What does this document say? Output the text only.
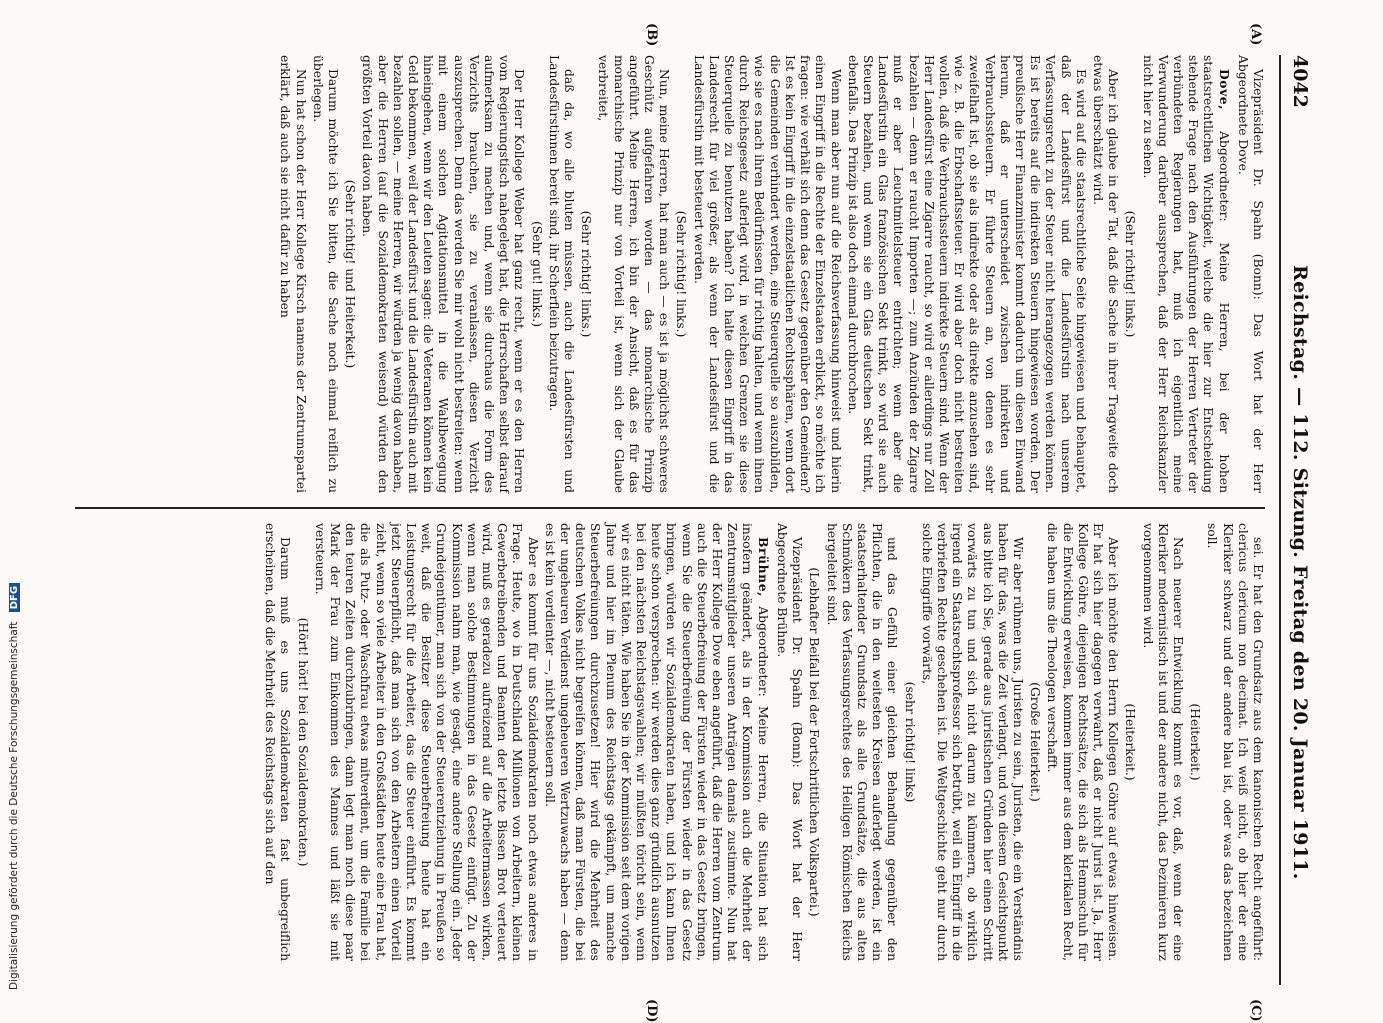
4042
Reichstag. — 112. Sitzung. Freitag den 20. Januar 1911.
(A)
(B)
(C)
(D)

Vizepräsident Dr. Spahn (Bonn): Das Wort hat der Herr Abgeordnete Dove.

Dove, Abgeordneter: Meine Herren, bei der hohen staatsrechtlichen Wichtigkeit, welche die hier zur Entscheidung stehende Frage nach den Ausführungen der Herren Vertreter der verbündeten Regierungen hat, muß ich eigentlich meine Verwunderung darüber aussprechen, daß der Herr Reichskanzler nicht hier zu sehen.

(Sehr richtig! links.)

Aber ich glaube in der Tat, daß die Sache in ihrer Tragweite doch etwas überschätzt wird.

Es wird auf die staatsrechtliche Seite hingewiesen und behauptet, daß der Landesfürst und die Landesfürstin nach unserem Verfassungsrecht zu der Steuer nicht herangezogen werden können. Es ist bereits auf die indirekten Steuern hingewiesen worden. Der preußische Herr Finanzminister kommt dadurch um diesen Einwand herum, daß er unterscheidet zwischen indirekten und Verbrauchssteuern. Er führte Steuern an, von denen es sehr zweifelhaft ist, ob sie als indirekte oder als direkte anzusehen sind, wie z. B. die Erbschaftssteuer. Er wird aber doch nicht bestreiten wollen, daß die Verbrauchssteuern indirekte Steuern sind. Wenn der Herr Landesfürst eine Zigarre raucht, so wird er allerdings nur Zoll bezahlen — denn er raucht Importen —; zum Anzünden der Zigarre muß er aber Leuchtmittelsteuer entrichten; wenn aber die Landesfürstin ein Glas französischen Sekt trinkt, so wird sie auch Steuern bezahlen, und wenn sie ein Glas deutschen Sekt trinkt, ebenfalls. Das Prinzip ist also doch einmal durchbrochen.

Wenn man aber nun auf die Reichsverfassung hinweist und hierin einen Eingriff in die Rechte der Einzelstaaten erblickt, so möchte ich fragen: wie verhält sich denn das Gesetz gegenüber den Gemeinden? Ist es kein Eingriff in die einzelstaatlichen Rechtssphären, wenn dort die Gemeinden verhindert werden, eine Steuerquelle so auszubilden, wie sie es nach ihren Bedürfnissen für richtig halten, und wenn ihnen durch Reichsgesetz auferlegt wird, in welchen Grenzen sie diese Steuerquelle zu benutzen haben? Ich halte diesen Eingriff in das Landesrecht für viel größer, als wenn der Landesfürst und die Landesfürstin mit besteuert werden.

(Sehr richtig! links.)

Nun, meine Herren, hat man auch — es ist ja möglichst schweres Geschütz aufgefahren worden — das monarchische Prinzip angeführt. Meine Herren, ich bin der Ansicht, daß es für das monarchische Prinzip nur von Vorteil ist, wenn sich der Glaube verbreitet,

(Sehr richtig! links.)

daß da, wo alle bluten müssen, auch die Landesfürsten und Landesfürstinnen bereit sind, ihr Scherflein beizutragen.

(Sehr gut! links.)

Der Herr Kollege Weber hat ganz recht, wenn er es den Herren vom Regierungstisch nahegelegt hat, die Herrschaften selbst darauf aufmerksam zu machen und, wenn sie durchaus die Form des Verzichts brauchen, sie zu veranlassen, diesen Verzicht auszusprechen. Denn das werden Sie mir wohl nicht bestreiten: wenn mit einem solchen Agitationsmittel in die Wahlbewegung hineingehen, wenn wir den Leuten sagen: die Veteranen können kein Geld bekommen, weil der Landesfürst und die Landesfürstin auch mit bezahlen sollen, — meine Herren, wir würden ja wenig davon haben, aber die Herren (auf die Sozialdemokraten weisend) würden den größten Vorteil davon haben.

(Sehr richtig! und Heiterkeit.)

Darum möchte ich Sie bitten, die Sache noch einmal reiflich zu überlegen.

Nun hat schon der Herr Kollege Kirsch namens der Zentrumspartei erklärt, daß auch sie nicht dafür zu haben

sei. Er hat den Grundsatz aus dem kanonischen Recht angeführt: clericus clericum non decimat. Ich weiß nicht, ob hier der eine Kleriker schwarz und der andere blau ist, oder was das bezeichnen soll.

(Heiterkeit.)

Nach neuerer Entwicklung kommt es vor, daß, wenn der eine Kleriker modernistisch ist und der andere nicht, das Dezimieren kurz vorgenommen wird.

(Heiterkeit.)

Aber ich möchte den Herrn Kollegen Göhre auf etwas hinweisen. Er hat sich hier dagegen verwahrt, daß er nicht Jurist ist. Ja, Herr Kollege Göhre, diejenigen Rechtssätze, die sich als Hemmschuh für die Entwicklung erweisen, kommen immer aus dem klerikalen Recht, die haben uns die Theologen verschafft.

(Große Heiterkeit.)

Wir aber rühmen uns, Juristen zu sein, Juristen, die ein Verständnis haben für das, was die Zeit verlangt, und von diesem Gesichtspunkt aus bitte ich Sie, gerade aus juristischen Gründen hier einen Schritt vorwärts zu tun und sich nicht darum zu kümmern, ob wirklich irgend ein Staatsrechtsprofessor sich betrübt, weil ein Eingriff in die verbrieften Rechte geschehen ist. Die Weltgeschichte geht nur durch solche Eingriffe vorwärts,

(sehr richtig! links)

und das Gefühl einer gleichen Behandlung gegenüber den Pflichten, die in den weitesten Kreisen auferlegt werden, ist ein staatserhaltender Grundsatz als alle Grundsätze, die aus alten Schmökern des Verfassungsrechtes des Heiligen Römischen Reichs hergeleitet sind.

(Lebhafter Beifall bei der Fortschrittlichen Volkspartei.)

Vizepräsident Dr. Spahn (Bonn): Das Wort hat der Herr Abgeordnete Brühne.

Brühne, Abgeordneter: Meine Herren, die Situation hat sich insofern geändert, als in der Kommission auch die Mehrheit der Zentrumsmitglieder unseren Anträgen damals zustimmte. Nun hat der Herr Kollege Dove eben angeführt, daß die Herren vom Zentrum auch die Steuerbefreiung der Fürsten wieder in das Gesetz bringen, wenn Sie die Steuerbefreiung der Fürsten wieder in das Gesetz bringen, würden wir Sozialdemokraten haben, und ich kann Ihnen heute schon versprechen: wir werden dies ganz gründlich ausnutzen bei den nächsten Reichstagswahlen; wir müßten töricht sein, wenn wir es nicht täten. Wie haben Sie in der Kommission seit dem vorigen Jahre und hier im Plenum des Reichstags gekämpft, um manche Steuerbefreiungen durchzusetzen! Hier wird die Mehrheit des deutschen Volkes nicht begreifen können, daß man Fürsten, die bei der ungeheuren Verdienst ungeheueren Wertzuwachs haben — denn es ist kein verdienter —, nicht besteuern soll.

Aber es kommt für uns Sozialdemokraten noch etwas anderes in Frage. Heute, wo in Deutschland Millionen von Arbeitern, kleinen Gewerbetreibenden und Beamten der letzte Bissen Brot verteuert wird, muß es geradezu aufreizend auf die Arbeitermassen wirken, wenn man solche Bestimmungen in das Gesetz einfügt. Zu der Kommission nahm man, wie gesagt, eine andere Stellung ein. Jeder Grundeigentümer, man sich von der Steuerentziehung in Preußen so weit, daß die Besitzer diese Steuerbefreiung heute hat ein Leistungsrecht für die Arbeiter, das die Steuer einführt. Es kommt jetzt Steuerpflicht, daß man sich von den Arbeitern einen Vorteil zieht, wenn so viele Arbeiter in den Großstädten heute eine Frau hat, die als Putz- oder Waschfrau etwas mitverdient, um die Familie bei den teuren Zeiten durchzubringen, dann legt man noch diese paar Mark der Frau zum Einkommen des Mannes und läßt sie mit versteuern.

(Hört! hört! bei den Sozialdemokraten.)

Darum muß es uns Sozialdemokraten fast unbegreiflich erscheinen, daß die Mehrheit des Reichstags sich auf den

Digitalisierung gefördert durch die Deutsche Forschungsgemeinschaft DFG
